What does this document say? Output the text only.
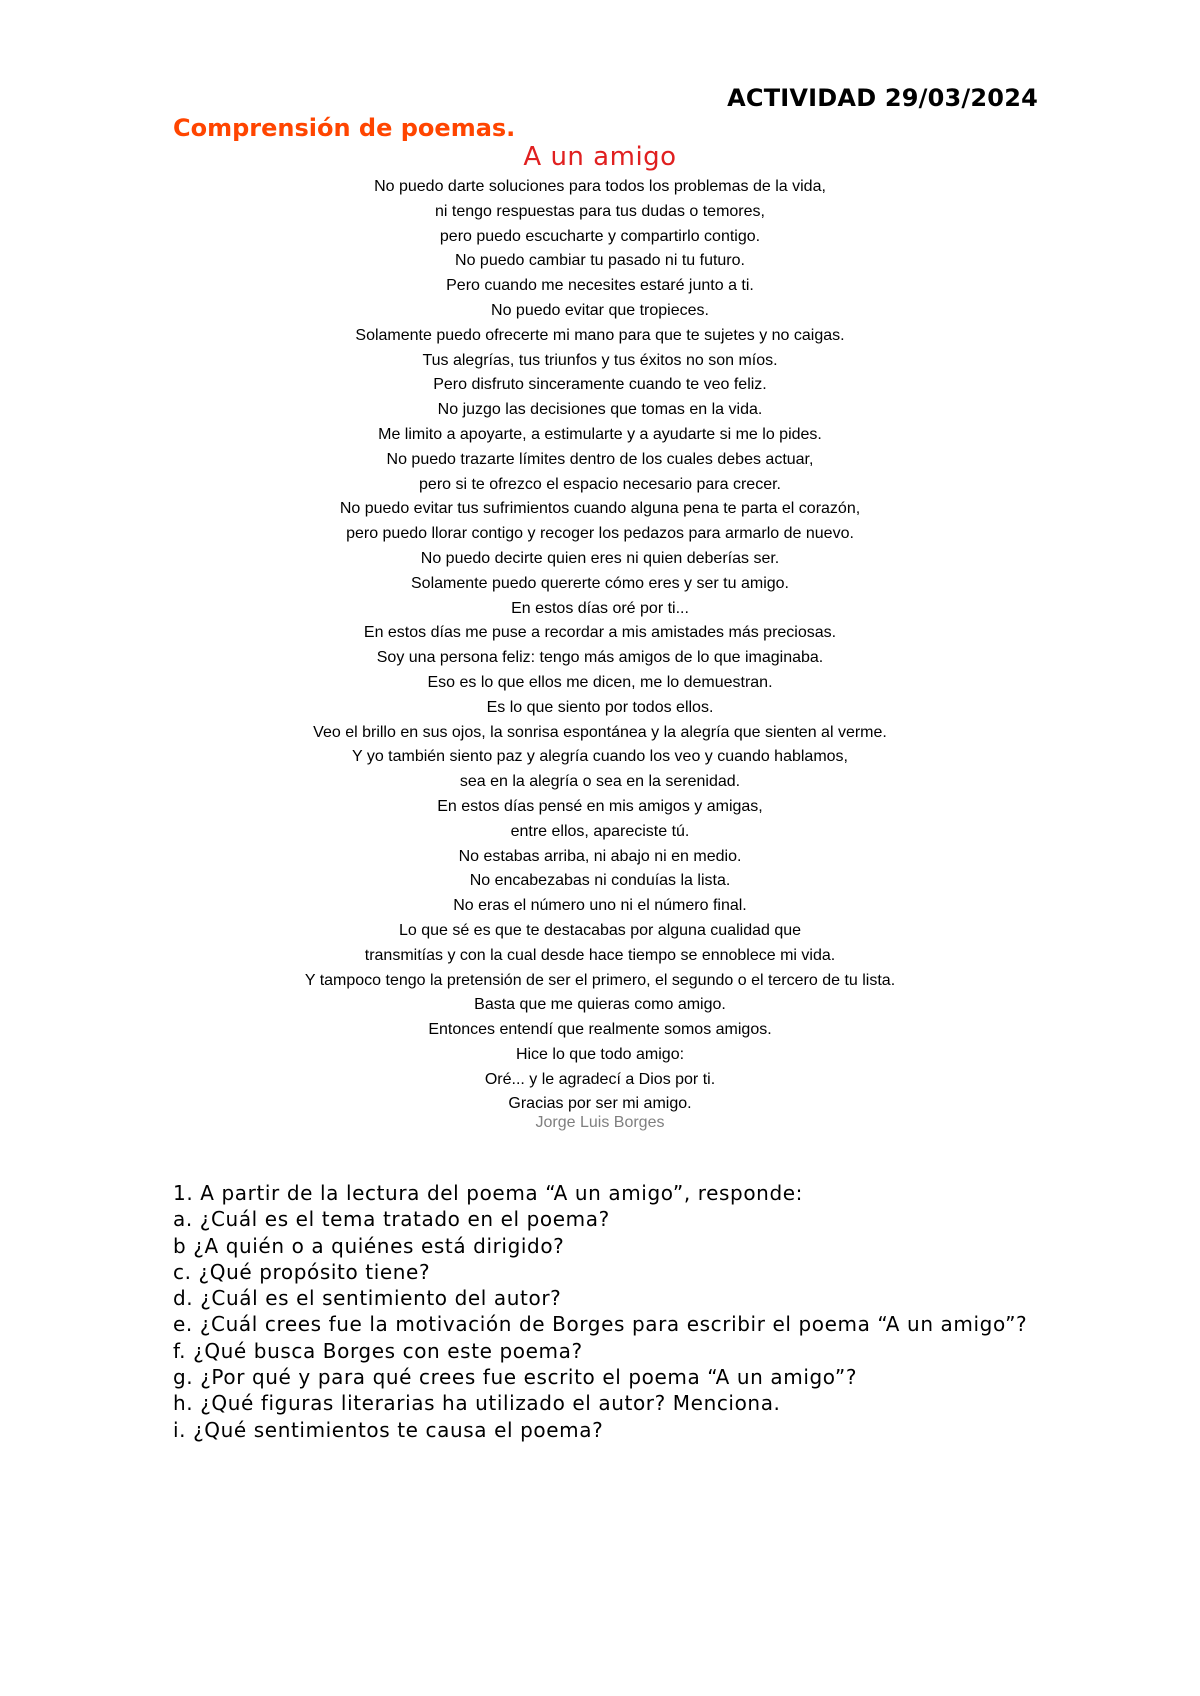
ACTIVIDAD 29/03/2024
Comprensión de poemas.
A un amigo
No puedo darte soluciones para todos los problemas de la vida,
ni tengo respuestas para tus dudas o temores,
pero puedo escucharte y compartirlo contigo.
No puedo cambiar tu pasado ni tu futuro.
Pero cuando me necesites estaré junto a ti.
No puedo evitar que tropieces.
Solamente puedo ofrecerte mi mano para que te sujetes y no caigas.
Tus alegrías, tus triunfos y tus éxitos no son míos.
Pero disfruto sinceramente cuando te veo feliz.
No juzgo las decisiones que tomas en la vida.
Me limito a apoyarte, a estimularte y a ayudarte si me lo pides.
No puedo trazarte límites dentro de los cuales debes actuar,
pero si te ofrezco el espacio necesario para crecer.
No puedo evitar tus sufrimientos cuando alguna pena te parta el corazón,
pero puedo llorar contigo y recoger los pedazos para armarlo de nuevo.
No puedo decirte quien eres ni quien deberías ser.
Solamente puedo quererte cómo eres y ser tu amigo.
En estos días oré por ti...
En estos días me puse a recordar a mis amistades más preciosas.
Soy una persona feliz: tengo más amigos de lo que imaginaba.
Eso es lo que ellos me dicen, me lo demuestran.
Es lo que siento por todos ellos.
Veo el brillo en sus ojos, la sonrisa espontánea y la alegría que sienten al verme.
Y yo también siento paz y alegría cuando los veo y cuando hablamos,
sea en la alegría o sea en la serenidad.
En estos días pensé en mis amigos y amigas,
entre ellos, apareciste tú.
No estabas arriba, ni abajo ni en medio.
No encabezabas ni conduías la lista.
No eras el número uno ni el número final.
Lo que sé es que te destacabas por alguna cualidad que
transmitías y con la cual desde hace tiempo se ennoblece mi vida.
Y tampoco tengo la pretensión de ser el primero, el segundo o el tercero de tu lista.
Basta que me quieras como amigo.
Entonces entendí que realmente somos amigos.
Hice lo que todo amigo:
Oré... y le agradecí a Dios por ti.
Gracias por ser mi amigo.
Jorge Luis Borges
1. A partir de la lectura del poema “A un amigo”, responde:
a. ¿Cuál es el tema tratado en el poema?
b ¿A quién o a quiénes está dirigido?
c. ¿Qué propósito tiene?
d. ¿Cuál es el sentimiento del autor?
e. ¿Cuál crees fue la motivación de Borges para escribir el poema “A un amigo”?
f. ¿Qué busca Borges con este poema?
g. ¿Por qué y para qué crees fue escrito el poema “A un amigo”?
h. ¿Qué figuras literarias ha utilizado el autor? Menciona.
i. ¿Qué sentimientos te causa el poema?
